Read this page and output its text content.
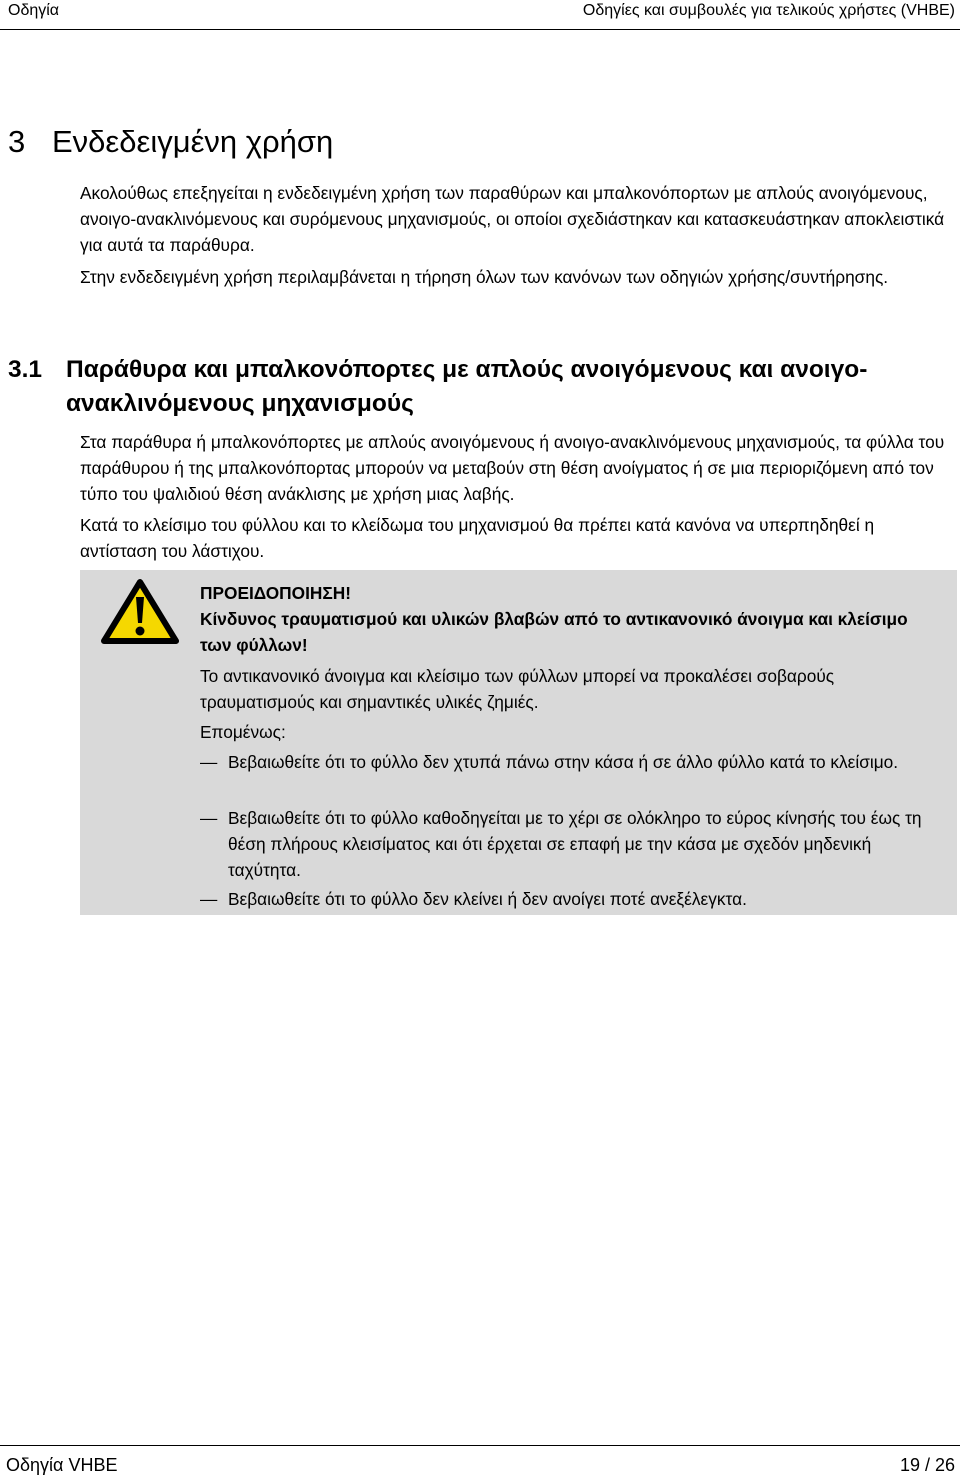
Οδηγία	Οδηγίες και συμβουλές για τελικούς χρήστες (VHBE)
3 Ενδεδειγμένη χρήση

Ακολούθως επεξηγείται η ενδεδειγμένη χρήση των παραθύρων και μπαλκονόπορτων με απλούς ανοιγόμενους, ανοιγο-ανακλινόμενους και συρόμενους μηχανισμούς, οι οποίοι σχεδιάστηκαν και κατασκευάστηκαν αποκλειστικά για αυτά τα παράθυρα.

Στην ενδεδειγμένη χρήση περιλαμβάνεται η τήρηση όλων των κανόνων των οδηγιών χρήσης/συντήρησης.

3.1 Παράθυρα και μπαλκονόπορτες με απλούς ανοιγόμενους και ανοιγο-ανακλινόμενους μηχανισμούς

Στα παράθυρα ή μπαλκονόπορτες με απλούς ανοιγόμενους ή ανοιγο-ανακλινόμενους μηχανισμούς, τα φύλλα του παράθυρου ή της μπαλκονόπορτας μπορούν να μεταβούν στη θέση ανοίγματος ή σε μια περιοριζόμενη από τον τύπο του ψαλιδιού θέση ανάκλισης με χρήση μιας λαβής.

Κατά το κλείσιμο του φύλλου και το κλείδωμα του μηχανισμού θα πρέπει κατά κανόνα να υπερπηδηθεί η αντίσταση του λάστιχου.

ΠΡΟΕΙΔΟΠΟΙΗΣΗ!

Κίνδυνος τραυματισμού και υλικών βλαβών από το αντικανονικό άνοιγμα και κλείσιμο των φύλλων!

Το αντικανονικό άνοιγμα και κλείσιμο των φύλλων μπορεί να προκαλέσει σοβαρούς τραυματισμούς και σημαντικές υλικές ζημιές.

Επομένως:

— Βεβαιωθείτε ότι το φύλλο δεν χτυπά πάνω στην κάσα ή σε άλλο φύλλο κατά το κλείσιμο.
— Βεβαιωθείτε ότι το φύλλο καθοδηγείται με το χέρι σε ολόκληρο το εύρος κίνησής του έως τη θέση πλήρους κλεισίματος και ότι έρχεται σε επαφή με την κάσα με σχεδόν μηδενική ταχύτητα.
— Βεβαιωθείτε ότι το φύλλο δεν κλείνει ή δεν ανοίγει ποτέ ανεξέλεγκτα.
Οδηγία VHBE	19 / 26
